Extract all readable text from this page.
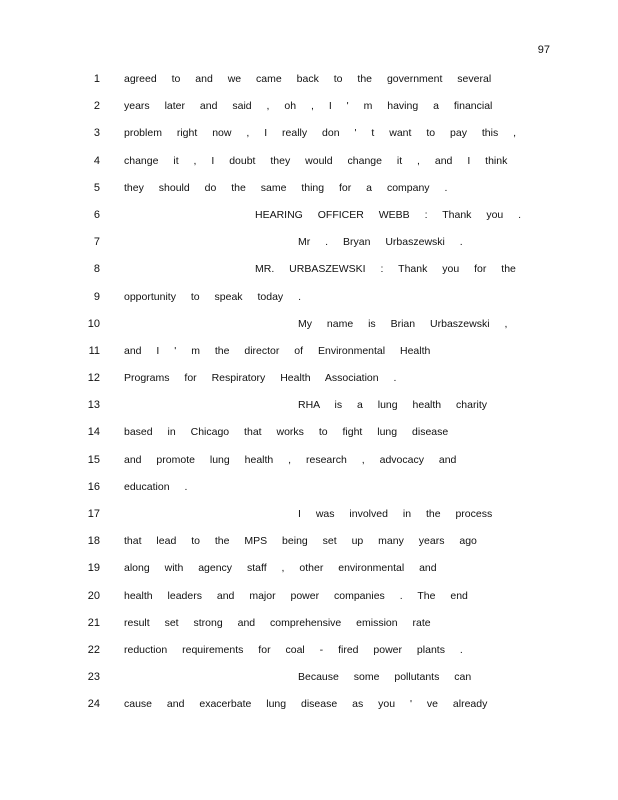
97
1 agreed to and we came back to the government several
2 years later and said , oh , I ' m having a financial
3 problem right now , I really don ' t want to pay this ,
4 change it , I doubt they would change it , and I think
5 they should do the same thing for a company .
6	HEARING OFFICER WEBB : Thank you .
7	Mr . Bryan Urbaszewski .
8	MR. URBASZEWSKI : Thank you for the
9 opportunity to speak today .
10	My name is Brian Urbaszewski ,
11 and I ' m the director of Environmental Health
12 Programs for Respiratory Health Association .
13	RHA is a lung health charity
14 based in Chicago that works to fight lung disease
15 and promote lung health , research , advocacy and
16 education .
17	I was involved in the process
18 that lead to the MPS being set up many years ago
19 along with agency staff , other environmental and
20 health leaders and major power companies . The end
21 result set strong and comprehensive emission rate
22 reduction requirements for coal - fired power plants .
23	Because some pollutants can
24 cause and exacerbate lung disease as you ' ve already
